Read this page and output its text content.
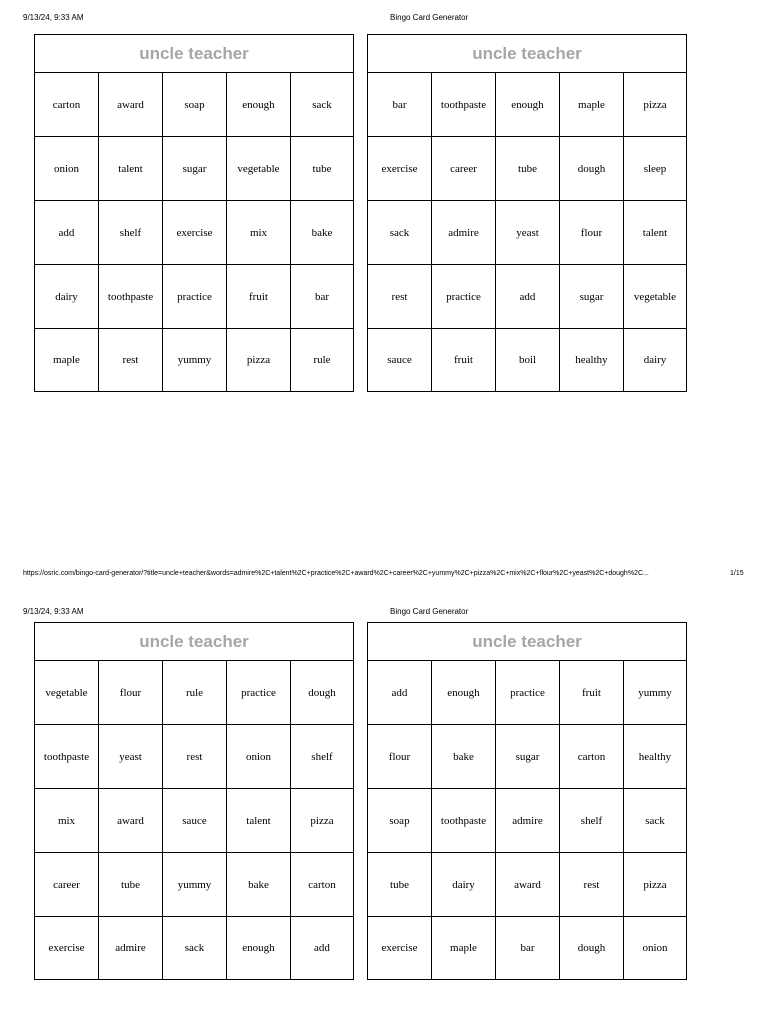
9/13/24, 9:33 AM	Bingo Card Generator
uncle teacher
carton	award	soap	enough	sack
onion	talent	sugar	vegetable	tube
add	shelf	exercise	mix	bake
dairy	toothpaste	practice	fruit	bar
maple	rest	yummy	pizza	rule
uncle teacher
bar	toothpaste	enough	maple	pizza
exercise	career	tube	dough	sleep
sack	admire	yeast	flour	talent
rest	practice	add	sugar	vegetable
sauce	fruit	boil	healthy	dairy
https://osric.com/bingo-card-generator/?title=uncle+teacher&words=admire%2C+talent%2C+practice%2C+award%2C+career%2C+yummy%2C+pizza%2C+mix%2C+flour%2C+yeast%2C+dough%2C...	1/15
9/13/24, 9:33 AM	Bingo Card Generator
uncle teacher
vegetable	flour	rule	practice	dough
toothpaste	yeast	rest	onion	shelf
mix	award	sauce	talent	pizza
career	tube	yummy	bake	carton
exercise	admire	sack	enough	add
uncle teacher
add	enough	practice	fruit	yummy
flour	bake	sugar	carton	healthy
soap	toothpaste	admire	shelf	sack
tube	dairy	award	rest	pizza
exercise	maple	bar	dough	onion
